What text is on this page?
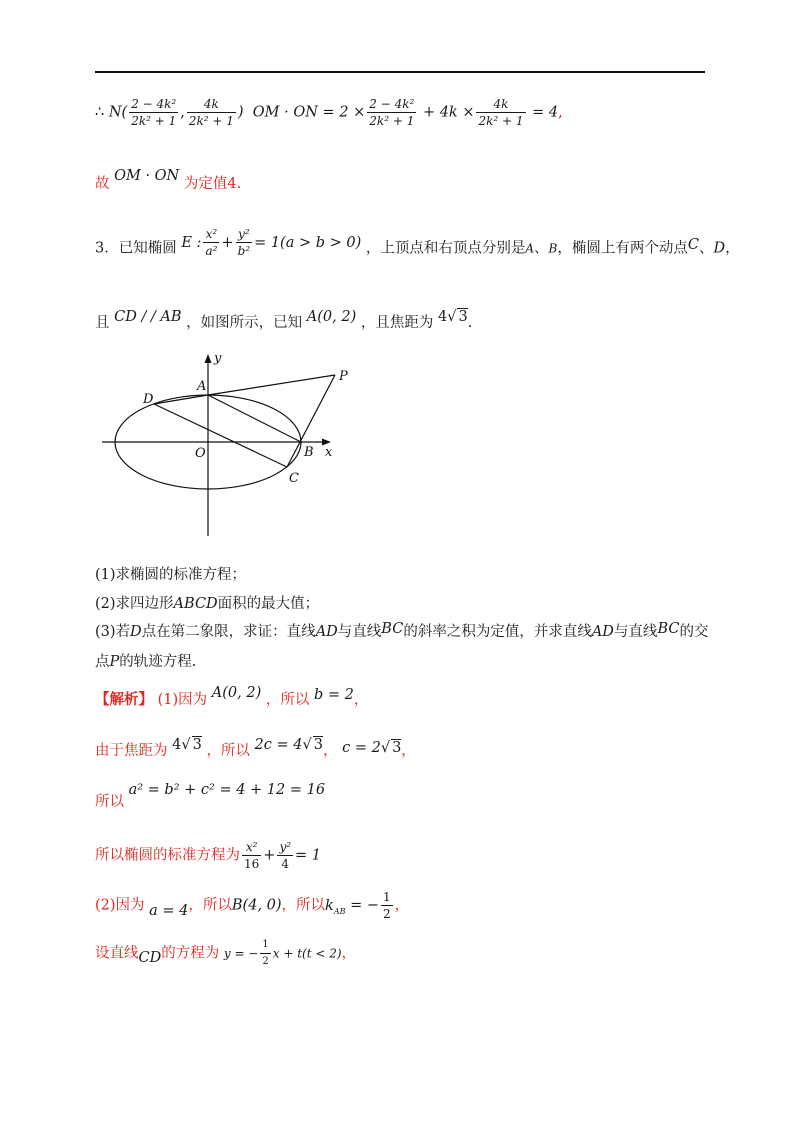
∴ $N( \frac{\text{2 − 4k²}}{\text{2k² + 1}}$ , $\frac{4k}{\text{2k² + 1}}$ ) OM · ON = $2 \times \frac{\text{2 − 4k²}}{\text{2k² + 1}} + 4k \times \frac{4k}{\text{2k² + 1}} = 4$,
故 OM · ON 为定值4.
3．已知椭圆 E : $\frac{\text{x²}}{\text{a²}} + \frac{\text{y²}}{\text{b²}} = 1(a > b > 0)$ ，上顶点和右顶点分别是A、B，椭圆上有两个动点C、D，
且 CD / / AB ，如图所示，已知 A(0, 2) ，且焦距为 4√ 3.
y
x
A
B
C
D
O
P
(1)求椭圆的标准方程；
(2)求四边形ABCD面积的最大值；
(3)若D点在第二象限，求证：直线AD与直线BC的斜率之积为定值，并求直线AD与直线BC的交
点P的轨迹方程.
【解析】 (1)因为 A(0, 2) ，所以 b = 2，
由于焦距为 4√ 3 ，所以 2c = 4√ 3， c = 2√ 3，
所以 a² = b² + c² = 4 + 12 = 16
所以椭圆的标准方程为 $\frac{\text{x²}}{16} + \frac{\text{y²}}{4} = 1$
(2)因为 a = 4，所以B(4, 0)，所以$k_{AB}$ = − $\frac{1}{2}$ ，
设直线CD的方程为 y = − $\frac{1}{2}$ x + t(t < 2)，
